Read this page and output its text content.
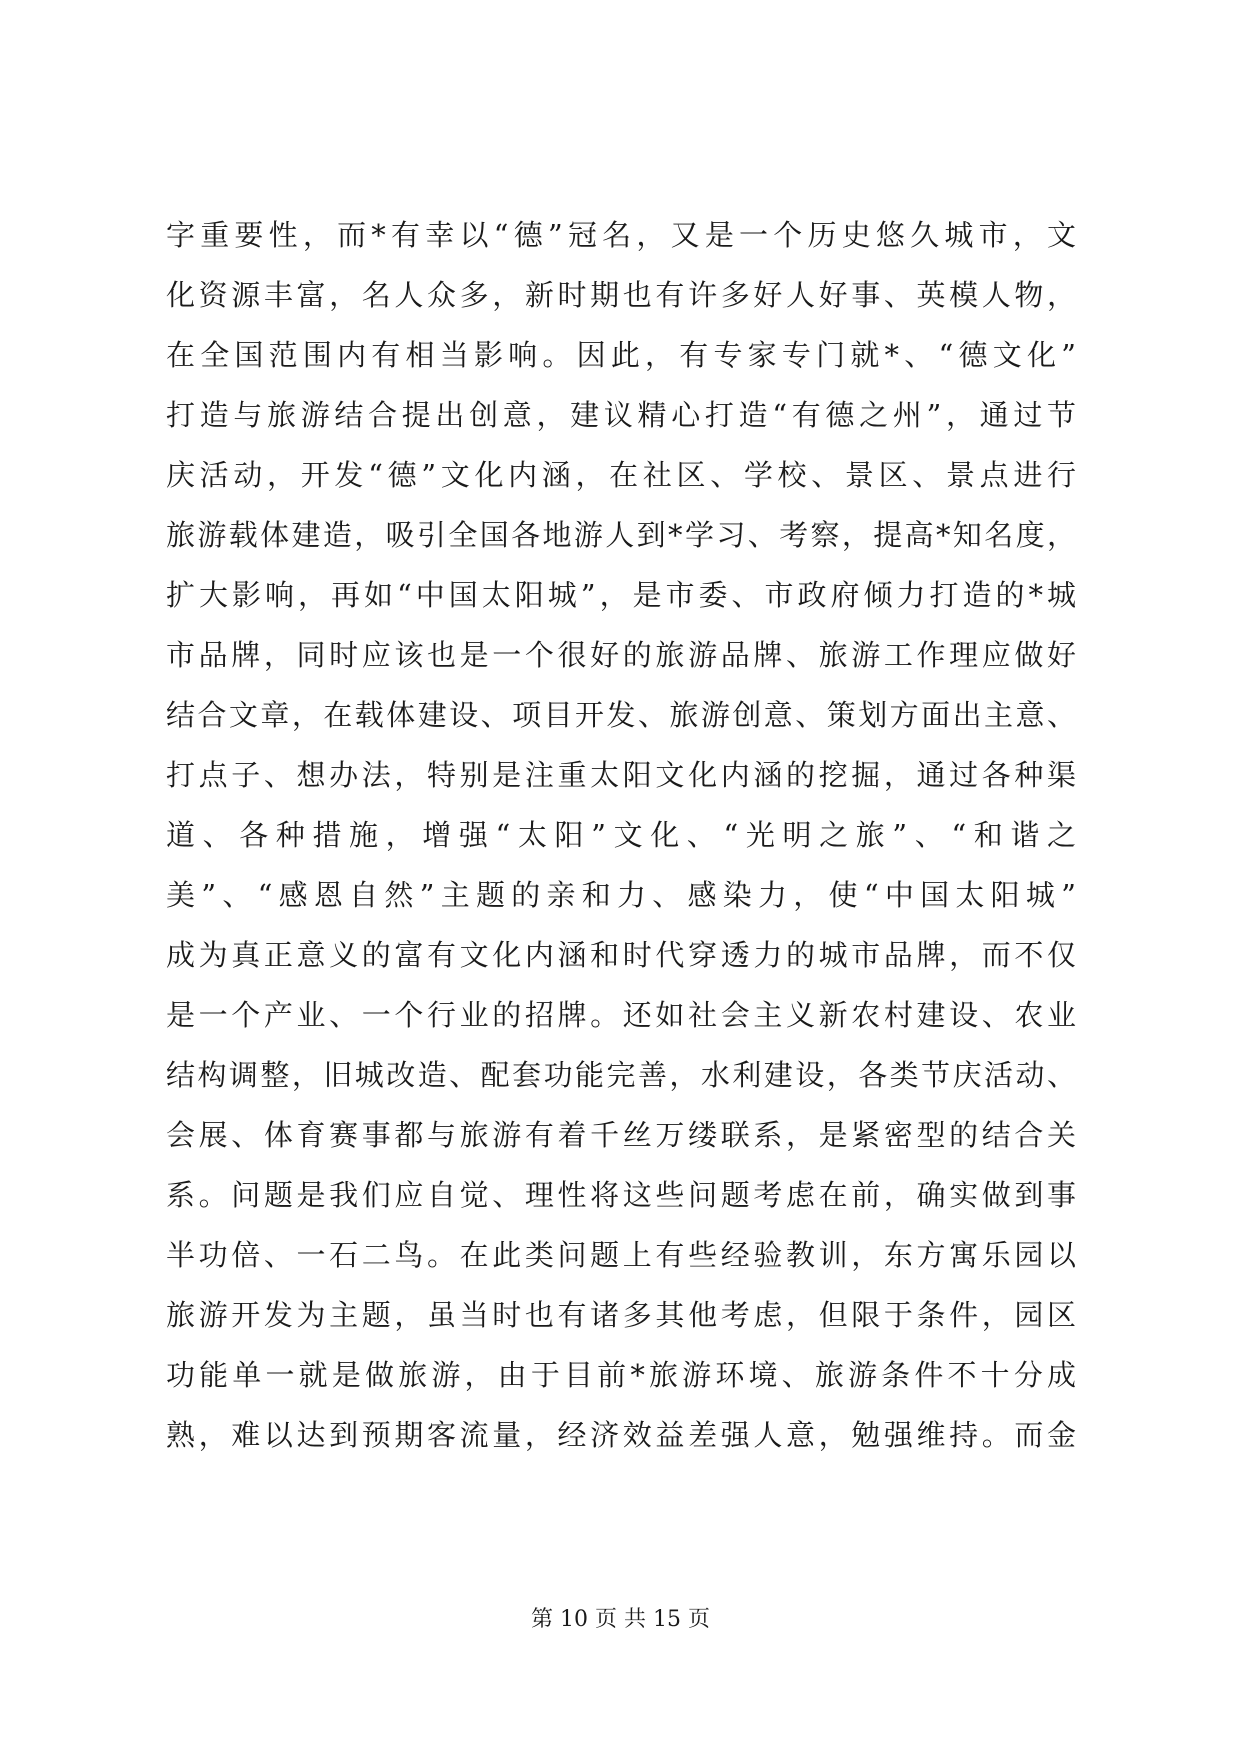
字重要性，而*有幸以“德”冠名，又是一个历史悠久城市，文
化资源丰富，名人众多，新时期也有许多好人好事、英模人物，
在全国范围内有相当影响。因此，有专家专门就*、“德文化”
打造与旅游结合提出创意，建议精心打造“有德之州”，通过节
庆活动，开发“德”文化内涵，在社区、学校、景区、景点进行
旅游载体建造，吸引全国各地游人到*学习、考察，提高*知名度，
扩大影响，再如“中国太阳城”，是市委、市政府倾力打造的*城
市品牌，同时应该也是一个很好的旅游品牌、旅游工作理应做好
结合文章，在载体建设、项目开发、旅游创意、策划方面出主意、
打点子、想办法，特别是注重太阳文化内涵的挖掘，通过各种渠
道、各种措施，增强“太阳”文化、“光明之旅”、“和谐之
美”、“感恩自然”主题的亲和力、感染力，使“中国太阳城”
成为真正意义的富有文化内涵和时代穿透力的城市品牌，而不仅
是一个产业、一个行业的招牌。还如社会主义新农村建设、农业
结构调整，旧城改造、配套功能完善，水利建设，各类节庆活动、
会展、体育赛事都与旅游有着千丝万缕联系，是紧密型的结合关
系。问题是我们应自觉、理性将这些问题考虑在前，确实做到事
半功倍、一石二鸟。在此类问题上有些经验教训，东方寓乐园以
旅游开发为主题，虽当时也有诸多其他考虑，但限于条件，园区
功能单一就是做旅游，由于目前*旅游环境、旅游条件不十分成
熟，难以达到预期客流量，经济效益差强人意，勉强维持。而金
第 10 页 共 15 页
